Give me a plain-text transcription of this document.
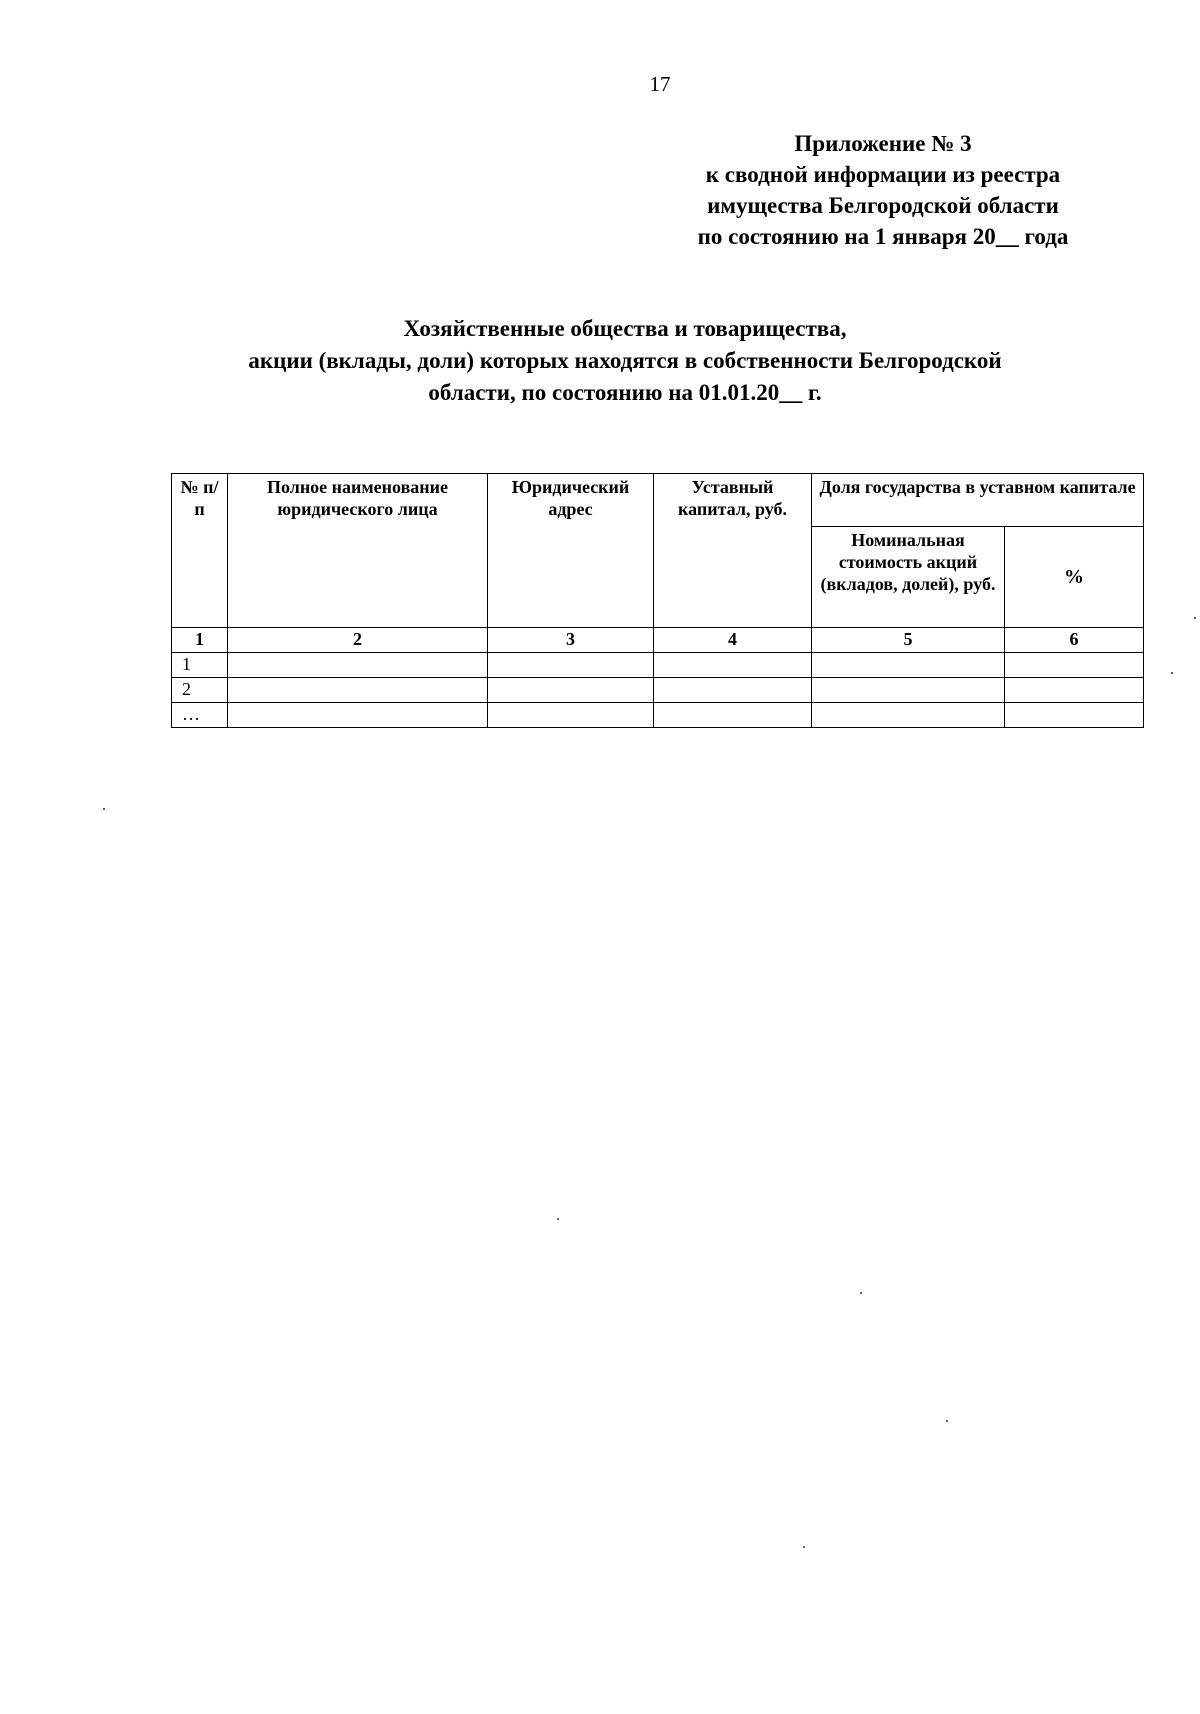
17
Приложение № 3
к сводной информации из реестра
имущества Белгородской области
по состоянию на 1 января 20__ года
Хозяйственные общества и товарищества,
акции (вклады, доли) которых находятся в собственности Белгородской
области, по состоянию на 01.01.20__ г.
№ п/п	Полное наименование юридического лица	Юридический адрес	Уставный капитал, руб.	Доля государства в уставном капитале	

				Номинальная стоимость акций (вкладов, долей), руб.	%
1	2	3	4	5	6
1					
2					
…					
